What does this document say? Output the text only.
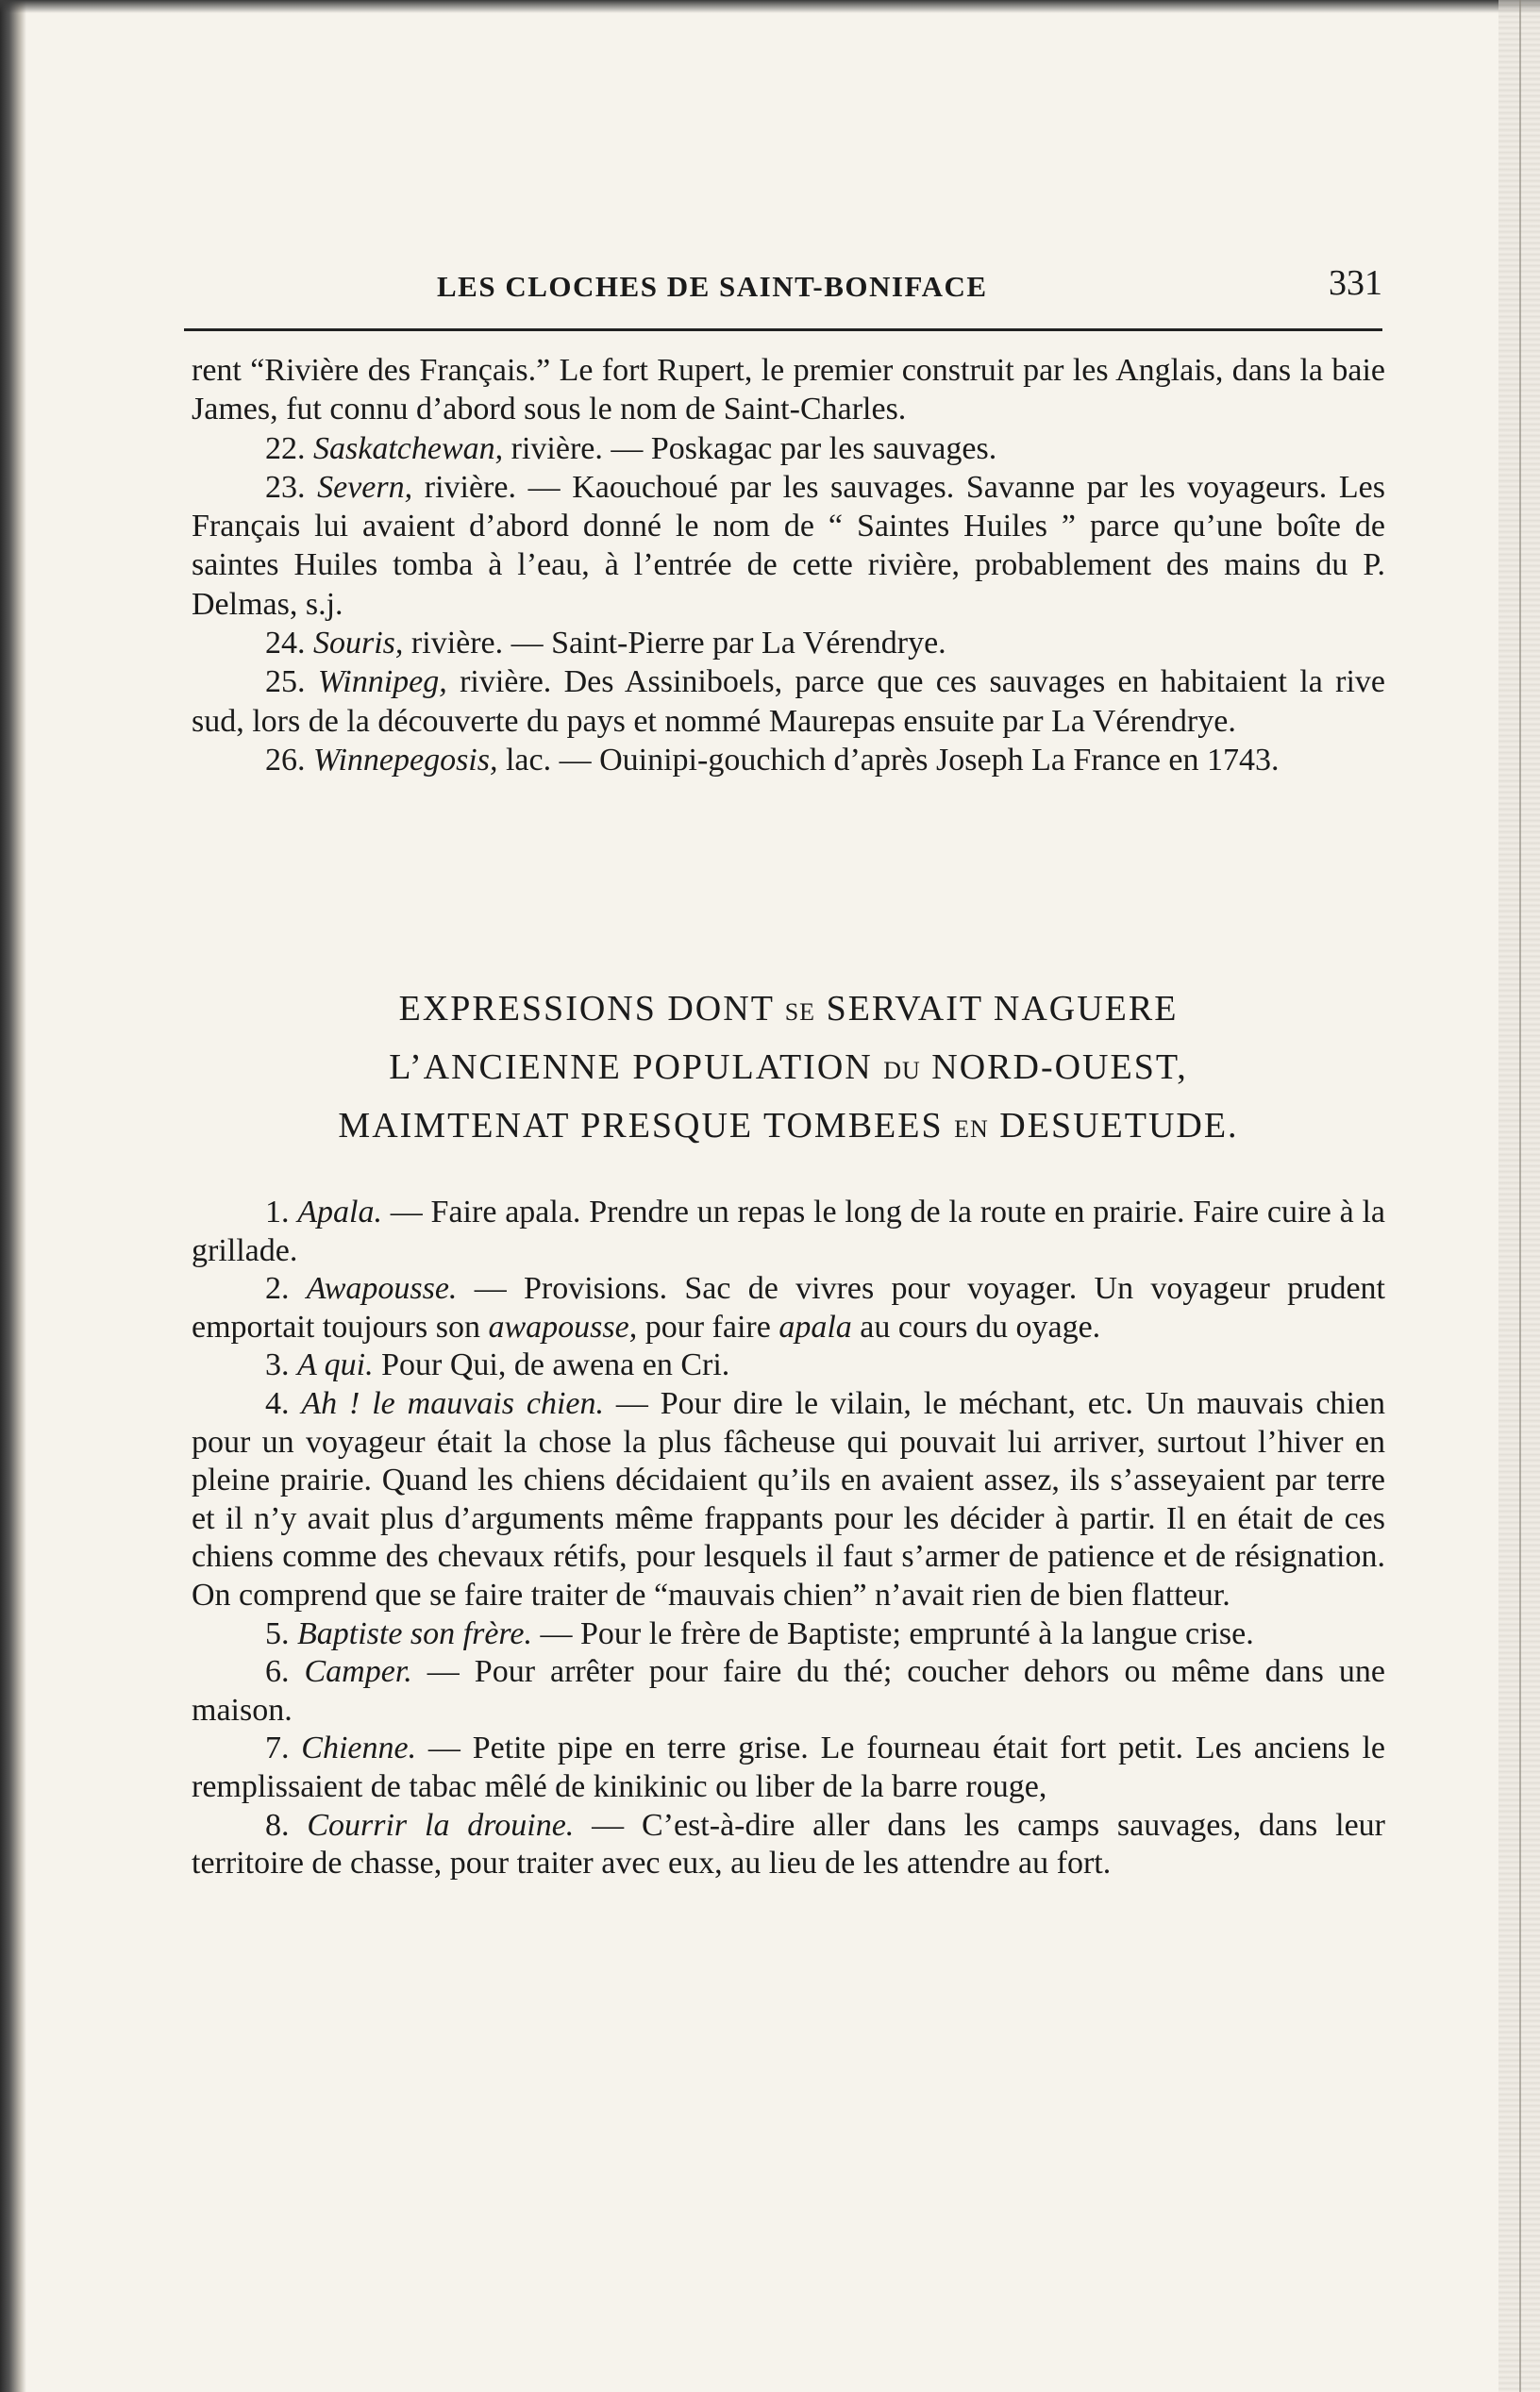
LES CLOCHES DE SAINT-BONIFACE	331

rent “Rivière des Français.” Le fort Rupert, le premier construit par les Anglais, dans la baie James, fut connu d’abord sous le nom de Saint-Charles.

22. Saskatchewan, rivière. — Poskagac par les sauvages.

23. Severn, rivière. — Kaouchoué par les sauvages. Savanne par les voyageurs. Les Français lui avaient d’abord donné le nom de “ Saintes Huiles ” parce qu’une boîte de saintes Huiles tomba à l’eau, à l’entrée de cette rivière, probablement des mains du P. Delmas, s.j.

24. Souris, rivière. — Saint-Pierre par La Vérendrye.

25. Winnipeg, rivière. Des Assiniboels, parce que ces sauvages en habitaient la rive sud, lors de la découverte du pays et nommé Maurepas ensuite par La Vérendrye.

26. Winnepegosis, lac. — Ouinipi-gouchich d’après Joseph La France en 1743.

EXPRESSIONS DONT SE SERVAIT NAGUERE
L’ANCIENNE POPULATION DU NORD-OUEST,
MAIMTENAT PRESQUE TOMBEES EN DESUETUDE.

1. Apala. — Faire apala. Prendre un repas le long de la route en prairie. Faire cuire à la grillade.

2. Awapousse. — Provisions. Sac de vivres pour voyager. Un voyageur prudent emportait toujours son awapousse, pour faire apala au cours du oyage.

3. A qui. Pour Qui, de awena en Cri.

4. Ah ! le mauvais chien. — Pour dire le vilain, le méchant, etc. Un mauvais chien pour un voyageur était la chose la plus fâcheuse qui pouvait lui arriver, surtout l’hiver en pleine prairie. Quand les chiens décidaient qu’ils en avaient assez, ils s’asseyaient par terre et il n’y avait plus d’arguments même frappants pour les décider à partir. Il en était de ces chiens comme des chevaux rétifs, pour lesquels il faut s’armer de patience et de résignation. On comprend que se faire traiter de “mauvais chien” n’avait rien de bien flatteur.

5. Baptiste son frère. — Pour le frère de Baptiste; emprunté à la langue crise.

6. Camper. — Pour arrêter pour faire du thé; coucher dehors ou même dans une maison.

7. Chienne. — Petite pipe en terre grise. Le fourneau était fort petit. Les anciens le remplissaient de tabac mêlé de kinikinic ou liber de la barre rouge,

8. Courrir la drouine. — C’est-à-dire aller dans les camps sauvages, dans leur territoire de chasse, pour traiter avec eux, au lieu de les attendre au fort.
